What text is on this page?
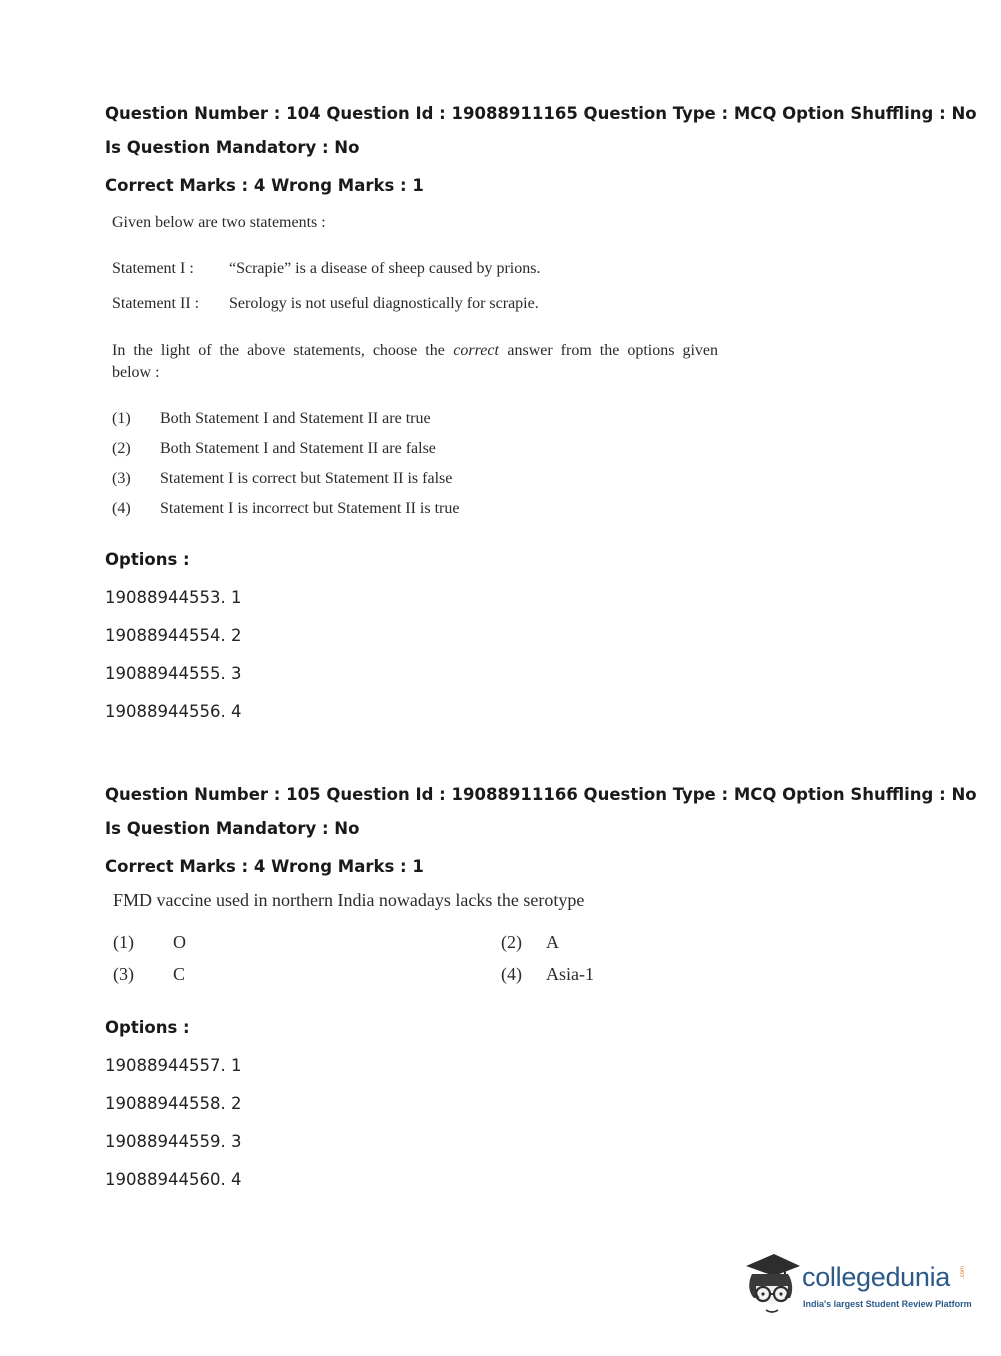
Question Number : 104 Question Id : 19088911165 Question Type : MCQ Option Shuffling : No
Is Question Mandatory : No
Correct Marks : 4 Wrong Marks : 1
Given below are two statements :
Statement I : “Scrapie” is a disease of sheep caused by prions.
Statement II : Serology is not useful diagnostically for scrapie.
In the light of the above statements, choose the correct answer from the options given
below :
(1) Both Statement I and Statement II are true
(2) Both Statement I and Statement II are false
(3) Statement I is correct but Statement II is false
(4) Statement I is incorrect but Statement II is true
Options :
19088944553. 1
19088944554. 2
19088944555. 3
19088944556. 4
Question Number : 105 Question Id : 19088911166 Question Type : MCQ Option Shuffling : No
Is Question Mandatory : No
Correct Marks : 4 Wrong Marks : 1
FMD vaccine used in northern India nowadays lacks the serotype
(1) O	(2) A
(3) C	(4) Asia-1
Options :
19088944557. 1
19088944558. 2
19088944559. 3
19088944560. 4
collegedunia .com
India's largest Student Review Platform
